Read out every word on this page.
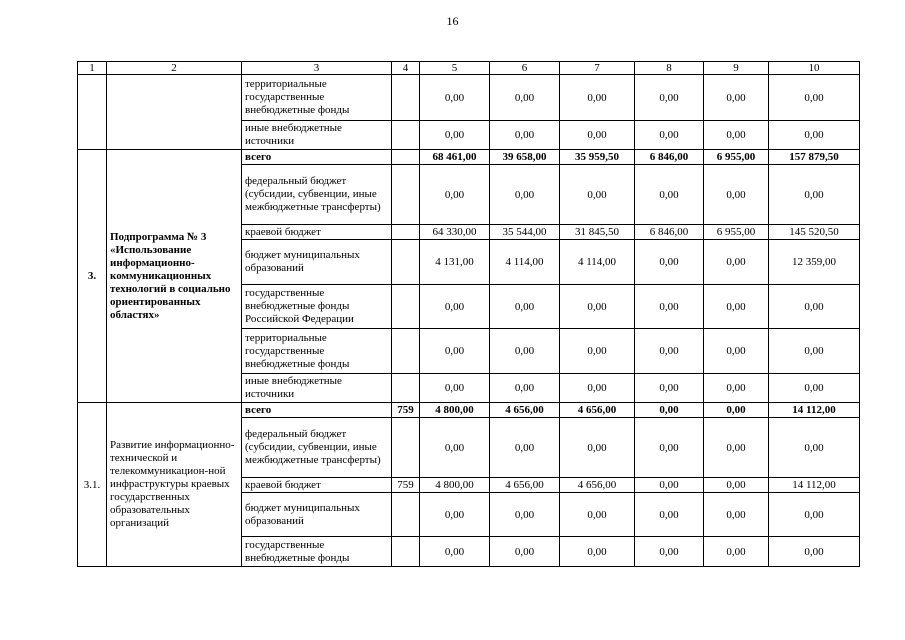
16
1	2	3	4	5	6	7	8	9	10
		территориальные государственные внебюджетные фонды		0,00	0,00	0,00	0,00	0,00	0,00
		иные внебюджетные источники		0,00	0,00	0,00	0,00	0,00	0,00
3.	Подпрограмма № 3 «Использование информационно-коммуникационных технологий в социально ориентированных областях»	всего		68 461,00	39 658,00	35 959,50	6 846,00	6 955,00	157 879,50
		федеральный бюджет (субсидии, субвенции, иные межбюджетные трансферты)		0,00	0,00	0,00	0,00	0,00	0,00
		краевой бюджет		64 330,00	35 544,00	31 845,50	6 846,00	6 955,00	145 520,50
		бюджет муниципальных образований		4 131,00	4 114,00	4 114,00	0,00	0,00	12 359,00
		государственные внебюджетные фонды Российской Федерации		0,00	0,00	0,00	0,00	0,00	0,00
		территориальные государственные внебюджетные фонды		0,00	0,00	0,00	0,00	0,00	0,00
		иные внебюджетные источники		0,00	0,00	0,00	0,00	0,00	0,00
3.1.	Развитие информационно-технической и телекоммуникацион-ной инфраструктуры краевых государственных образовательных организаций	всего	759	4 800,00	4 656,00	4 656,00	0,00	0,00	14 112,00
		федеральный бюджет (субсидии, субвенции, иные межбюджетные трансферты)		0,00	0,00	0,00	0,00	0,00	0,00
		краевой бюджет	759	4 800,00	4 656,00	4 656,00	0,00	0,00	14 112,00
		бюджет муниципальных образований		0,00	0,00	0,00	0,00	0,00	0,00
		государственные внебюджетные фонды		0,00	0,00	0,00	0,00	0,00	0,00
